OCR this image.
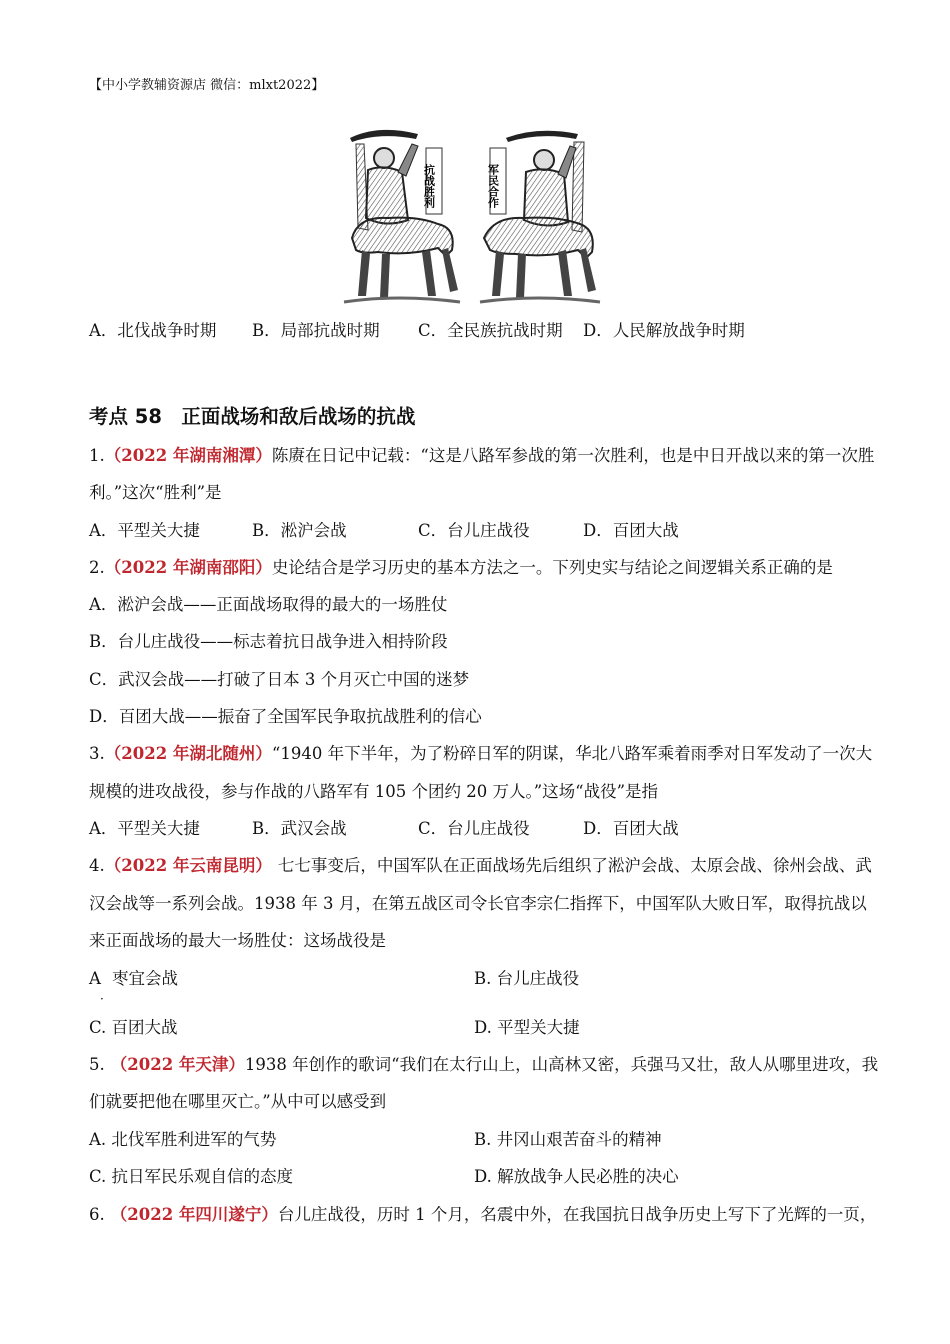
【中小学教辅资源店 微信：mlxt2022】
抗战胜利	军民合作
A．北伐战争时期 B．局部抗战时期 C．全民族抗战时期 D．人民解放战争时期
考点 58　正面战场和敌后战场的抗战
1.（2022 年湖南湘潭）陈赓在日记中记载：“这是八路军参战的第一次胜利，也是中日开战以来的第一次胜
利。”这次“胜利”是
A．平型关大捷	B．淞沪会战	C．台儿庄战役	D．百团大战
2.（2022 年湖南邵阳）史论结合是学习历史的基本方法之一。下列史实与结论之间逻辑关系正确的是
A．淞沪会战——正面战场取得的最大的一场胜仗
B．台儿庄战役——标志着抗日战争进入相持阶段
C．武汉会战——打破了日本 3 个月灭亡中国的迷梦
D．百团大战——振奋了全国军民争取抗战胜利的信心
3.（2022 年湖北随州）“1940 年下半年，为了粉碎日军的阴谋，华北八路军乘着雨季对日军发动了一次大
规模的进攻战役，参与作战的八路军有 105 个团约 20 万人。”这场“战役”是指
A．平型关大捷	B．武汉会战	C．台儿庄战役	D．百团大战
4.（2022 年云南昆明） 七七事变后，中国军队在正面战场先后组织了淞沪会战、太原会战、徐州会战、武
汉会战等一系列会战。1938 年 3 月，在第五战区司令长官李宗仁指挥下，中国军队大败日军，取得抗战以
来正面战场的最大一场胜仗：这场战役是
A
·
枣宜会战	B. 台儿庄战役
C. 百团大战	D. 平型关大捷
5. （2022 年天津）1938 年创作的歌词“我们在太行山上，山高林又密，兵强马又壮，敌人从哪里进攻，我
们就要把他在哪里灭亡。”从中可以感受到
A. 北伐军胜利进军的气势	B. 井冈山艰苦奋斗的精神
C. 抗日军民乐观自信的态度	D. 解放战争人民必胜的决心
6. （2022 年四川遂宁）台儿庄战役，历时 1 个月，名震中外，在我国抗日战争历史上写下了光辉的一页，
